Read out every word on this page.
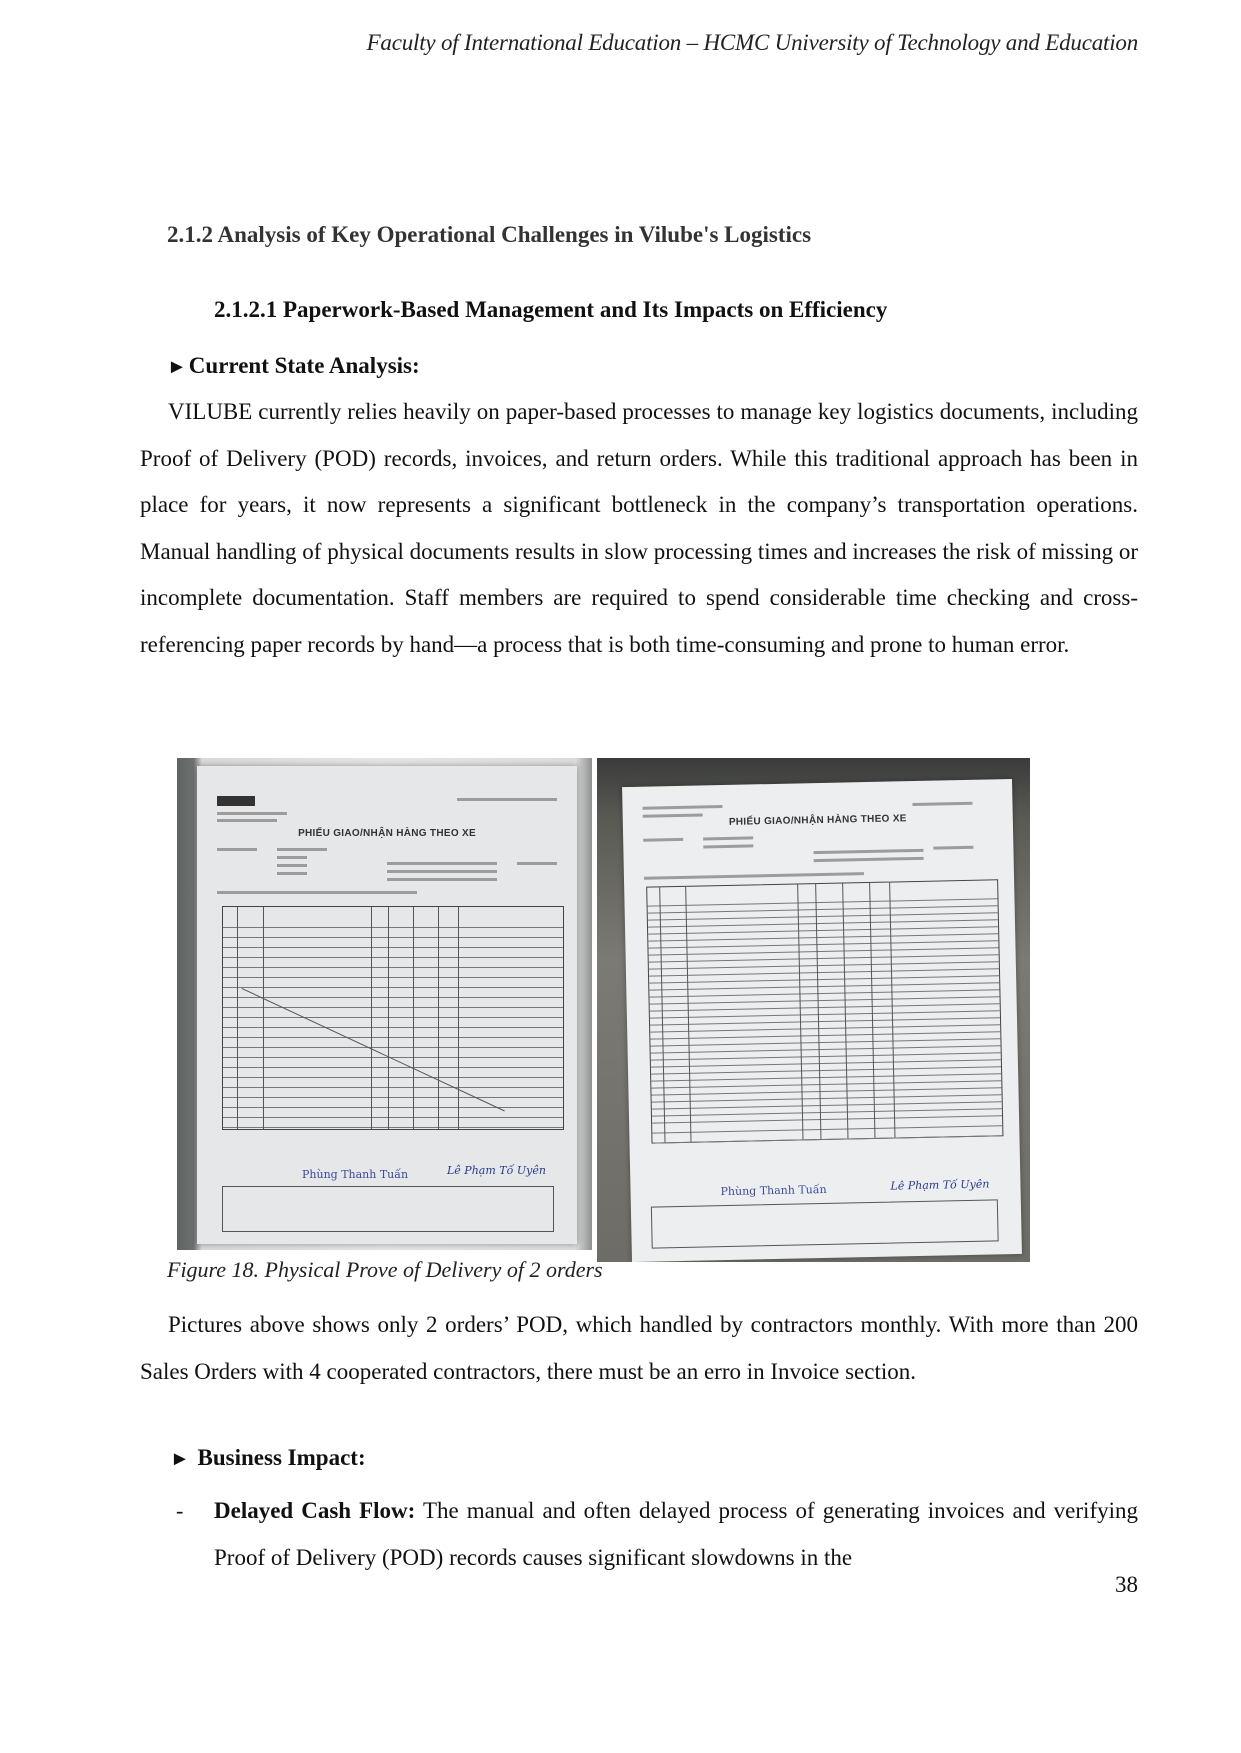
Faculty of International Education – HCMC University of Technology and Education
2.1.2 Analysis of Key Operational Challenges in Vilube's Logistics
2.1.2.1 Paperwork-Based Management and Its Impacts on Efficiency
►Current State Analysis:

VILUBE currently relies heavily on paper-based processes to manage key logistics documents, including Proof of Delivery (POD) records, invoices, and return orders. While this traditional approach has been in place for years, it now represents a significant bottleneck in the company’s transportation operations. Manual handling of physical documents results in slow processing times and increases the risk of missing or incomplete documentation. Staff members are required to spend considerable time checking and cross-referencing paper records by hand—a process that is both time-consuming and prone to human error.

PHIẾU GIAO/NHẬN HÀNG THEO XE
Phùng Thanh Tuấn	Lê Phạm Tố Uyên
PHIẾU GIAO/NHẬN HÀNG THEO XE
Phùng Thanh Tuấn	Lê Phạm Tố Uyên
Figure 18. Physical Prove of Delivery of 2 orders

Pictures above shows only 2 orders’ POD, which handled by contractors monthly. With more than 200 Sales Orders with 4 cooperated contractors, there must be an erro in Invoice section.

► Business Impact:
- Delayed Cash Flow: The manual and often delayed process of generating invoices and verifying Proof of Delivery (POD) records causes significant slowdowns in the

38
